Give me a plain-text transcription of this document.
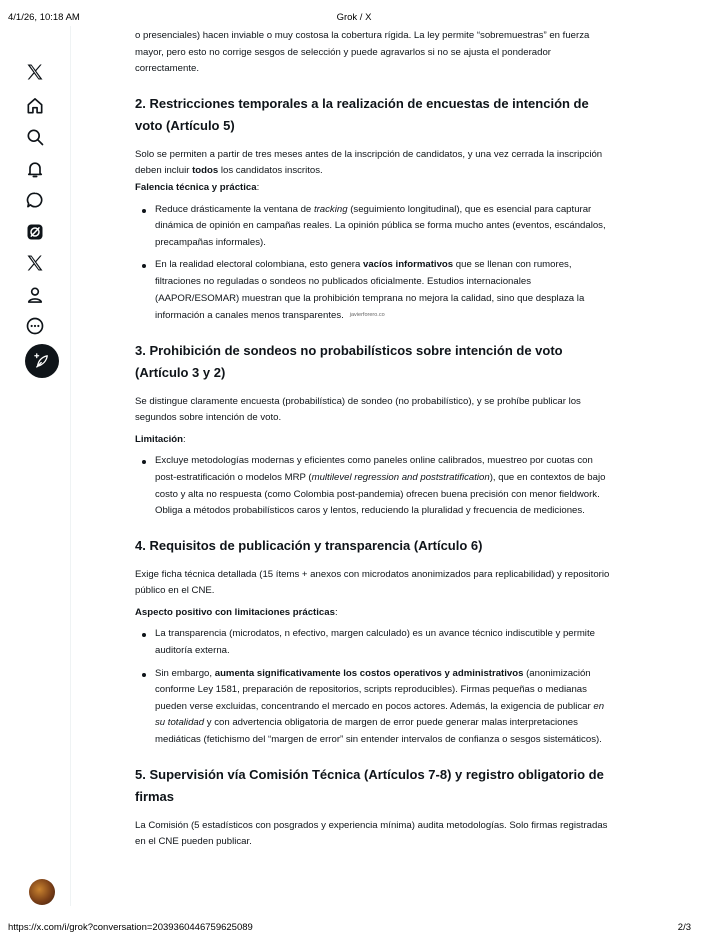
4/1/26, 10:18 AM	Grok / X

o presenciales) hacen inviable o muy costosa la cobertura rígida. La ley permite “sobremuestras” en fuerza mayor, pero esto no corrige sesgos de selección y puede agravarlos si no se ajusta el ponderador correctamente.

2. Restricciones temporales a la realización de encuestas de intención de voto (Artículo 5)

Solo se permiten a partir de tres meses antes de la inscripción de candidatos, y una vez cerrada la inscripción deben incluir todos los candidatos inscritos.

Falencia técnica y práctica:

Reduce drásticamente la ventana de tracking (seguimiento longitudinal), que es esencial para capturar dinámica de opinión en campañas reales. La opinión pública se forma mucho antes (eventos, escándalos, precampañas informales).
En la realidad electoral colombiana, esto genera vacíos informativos que se llenan con rumores, filtraciones no reguladas o sondeos no publicados oficialmente. Estudios internacionales (AAPOR/ESOMAR) muestran que la prohibición temprana no mejora la calidad, sino que desplaza la información a canales menos transparentes. javierforero.co
3. Prohibición de sondeos no probabilísticos sobre intención de voto (Artículo 3 y 2)

Se distingue claramente encuesta (probabilística) de sondeo (no probabilístico), y se prohíbe publicar los segundos sobre intención de voto.

Limitación:

Excluye metodologías modernas y eficientes como paneles online calibrados, muestreo por cuotas con post-estratificación o modelos MRP (multilevel regression and poststratification), que en contextos de bajo costo y alta no respuesta (como Colombia post-pandemia) ofrecen buena precisión con menor fieldwork. Obliga a métodos probabilísticos caros y lentos, reduciendo la pluralidad y frecuencia de mediciones.
4. Requisitos de publicación y transparencia (Artículo 6)

Exige ficha técnica detallada (15 ítems + anexos con microdatos anonimizados para replicabilidad) y repositorio público en el CNE.

Aspecto positivo con limitaciones prácticas:

La transparencia (microdatos, n efectivo, margen calculado) es un avance técnico indiscutible y permite auditoría externa.
Sin embargo, aumenta significativamente los costos operativos y administrativos (anonimización conforme Ley 1581, preparación de repositorios, scripts reproducibles). Firmas pequeñas o medianas pueden verse excluidas, concentrando el mercado en pocos actores. Además, la exigencia de publicar en su totalidad y con advertencia obligatoria de margen de error puede generar malas interpretaciones mediáticas (fetichismo del “margen de error” sin entender intervalos de confianza o sesgos sistemáticos).
5. Supervisión vía Comisión Técnica (Artículos 7-8) y registro obligatorio de firmas

La Comisión (5 estadísticos con posgrados y experiencia mínima) audita metodologías. Solo firmas registradas en el CNE pueden publicar.

https://x.com/i/grok?conversation=2039360446759625089	2/3
